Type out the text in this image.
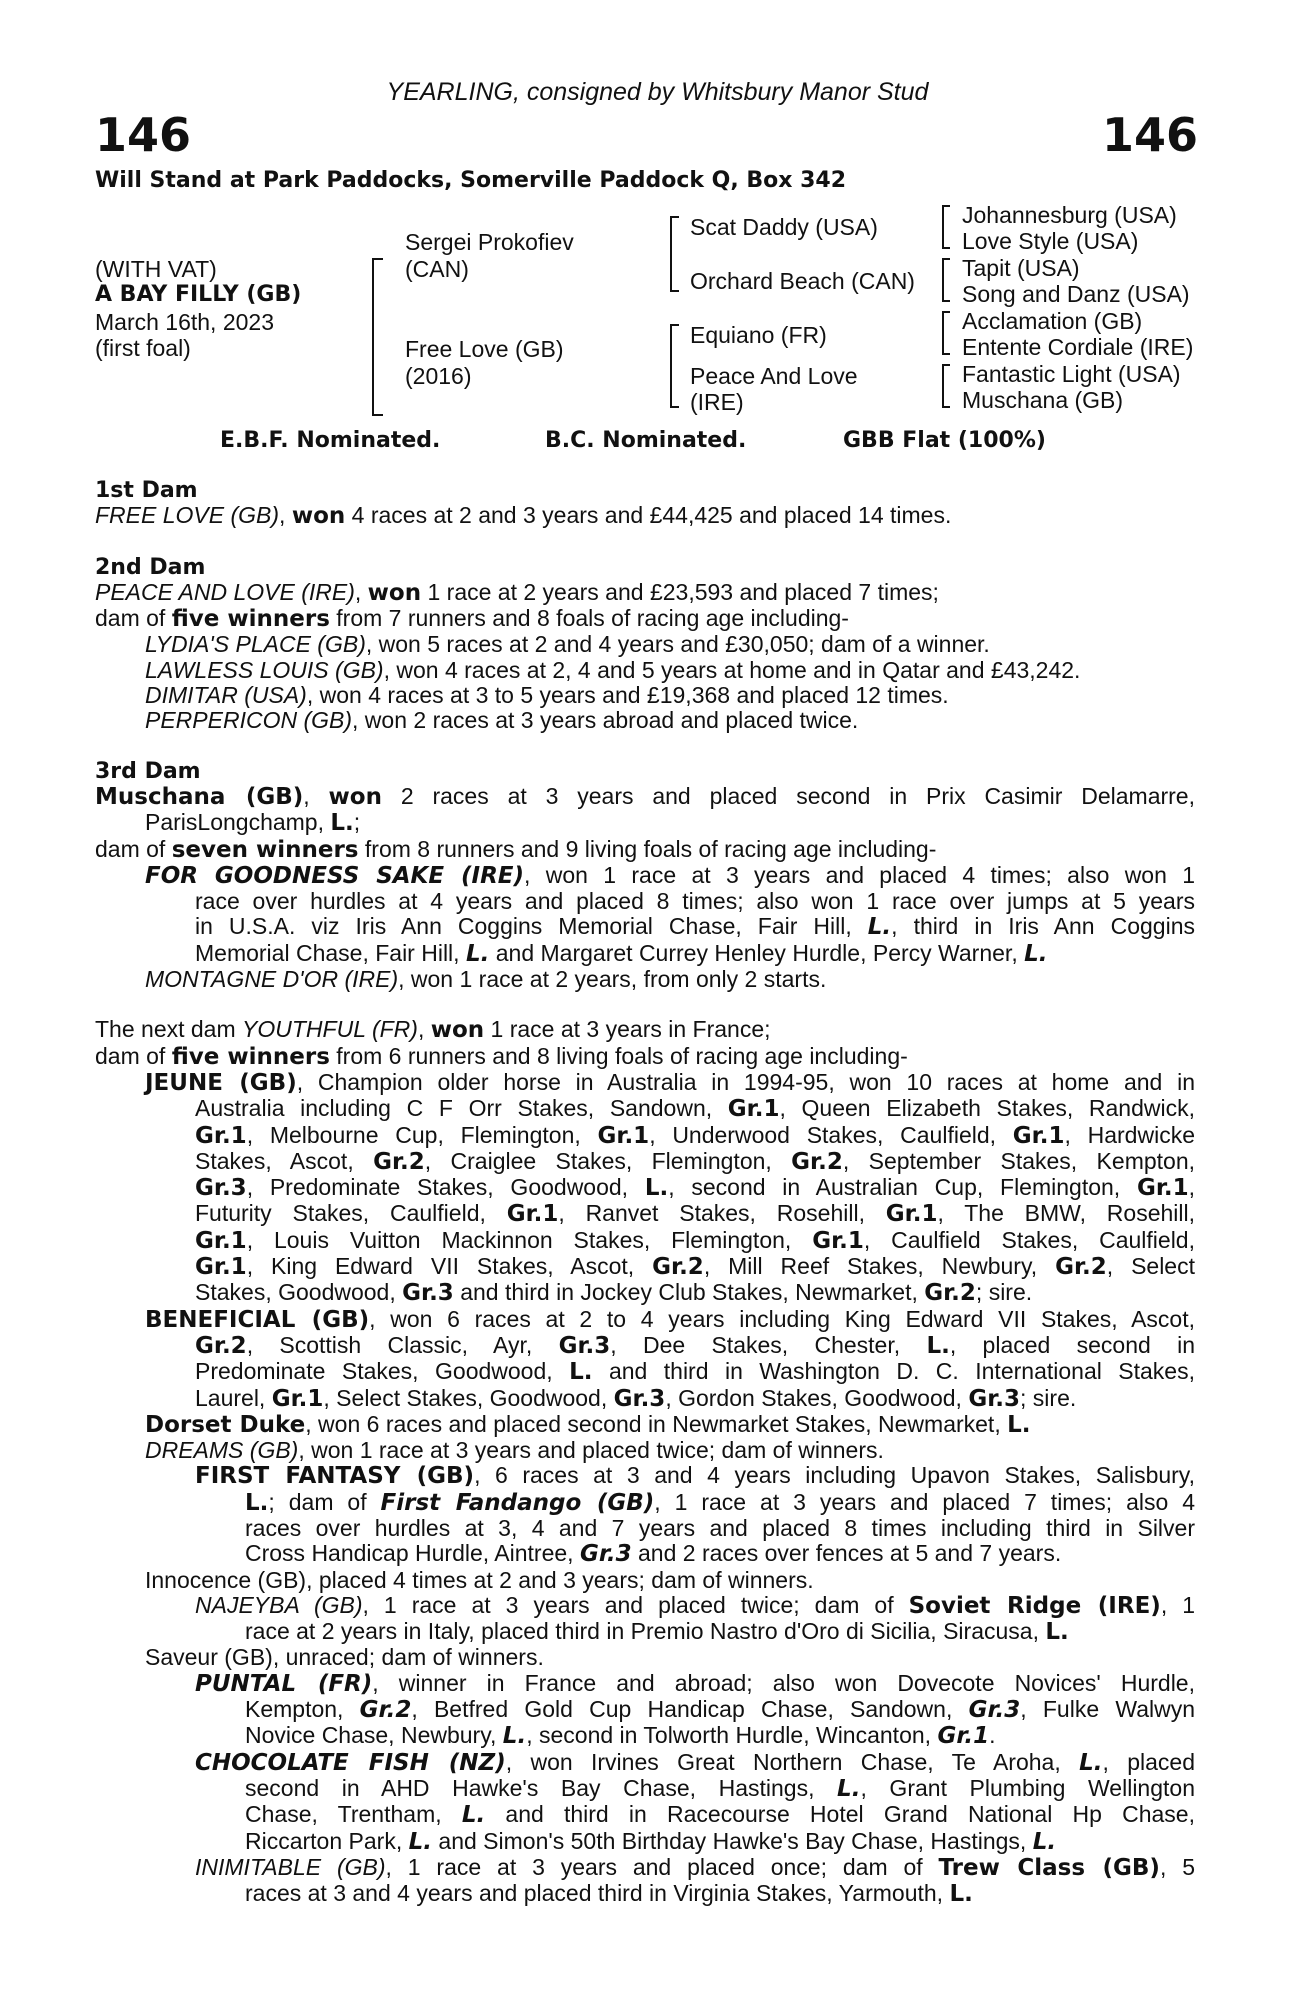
YEARLING, consigned by Whitsbury Manor Stud
146	146
Will Stand at Park Paddocks, Somerville Paddock Q, Box 342
(WITH VAT)
A BAY FILLY (GB)
March 16th, 2023
(first foal)
Sergei Prokofiev
(CAN)
Free Love (GB)
(2016)
Scat Daddy (USA)
Orchard Beach (CAN)
Equiano (FR)
Peace And Love
(IRE)
Johannesburg (USA)
Love Style (USA)
Tapit (USA)
Song and Danz (USA)
Acclamation (GB)
Entente Cordiale (IRE)
Fantastic Light (USA)
Muschana (GB)
E.B.F. Nominated.	B.C. Nominated.	GBB Flat (100%)
1st Dam
FREE LOVE (GB), won 4 races at 2 and 3 years and £44,425 and placed 14 times.
2nd Dam
PEACE AND LOVE (IRE), won 1 race at 2 years and £23,593 and placed 7 times;
dam of five winners from 7 runners and 8 foals of racing age including-
LYDIA'S PLACE (GB), won 5 races at 2 and 4 years and £30,050; dam of a winner.
LAWLESS LOUIS (GB), won 4 races at 2, 4 and 5 years at home and in Qatar and £43,242.
DIMITAR (USA), won 4 races at 3 to 5 years and £19,368 and placed 12 times.
PERPERICON (GB), won 2 races at 3 years abroad and placed twice.
3rd Dam
Muschana (GB), won 2 races at 3 years and placed second in Prix Casimir Delamarre,
ParisLongchamp, L.;
dam of seven winners from 8 runners and 9 living foals of racing age including-
FOR GOODNESS SAKE (IRE), won 1 race at 3 years and placed 4 times; also won 1
race over hurdles at 4 years and placed 8 times; also won 1 race over jumps at 5 years
in U.S.A. viz Iris Ann Coggins Memorial Chase, Fair Hill, L., third in Iris Ann Coggins
Memorial Chase, Fair Hill, L. and Margaret Currey Henley Hurdle, Percy Warner, L.
MONTAGNE D'OR (IRE), won 1 race at 2 years, from only 2 starts.
The next dam YOUTHFUL (FR), won 1 race at 3 years in France;
dam of five winners from 6 runners and 8 living foals of racing age including-
JEUNE (GB), Champion older horse in Australia in 1994-95, won 10 races at home and in
Australia including C F Orr Stakes, Sandown, Gr.1, Queen Elizabeth Stakes, Randwick,
Gr.1, Melbourne Cup, Flemington, Gr.1, Underwood Stakes, Caulfield, Gr.1, Hardwicke
Stakes, Ascot, Gr.2, Craiglee Stakes, Flemington, Gr.2, September Stakes, Kempton,
Gr.3, Predominate Stakes, Goodwood, L., second in Australian Cup, Flemington, Gr.1,
Futurity Stakes, Caulfield, Gr.1, Ranvet Stakes, Rosehill, Gr.1, The BMW, Rosehill,
Gr.1, Louis Vuitton Mackinnon Stakes, Flemington, Gr.1, Caulfield Stakes, Caulfield,
Gr.1, King Edward VII Stakes, Ascot, Gr.2, Mill Reef Stakes, Newbury, Gr.2, Select
Stakes, Goodwood, Gr.3 and third in Jockey Club Stakes, Newmarket, Gr.2; sire.
BENEFICIAL (GB), won 6 races at 2 to 4 years including King Edward VII Stakes, Ascot,
Gr.2, Scottish Classic, Ayr, Gr.3, Dee Stakes, Chester, L., placed second in
Predominate Stakes, Goodwood, L. and third in Washington D. C. International Stakes,
Laurel, Gr.1, Select Stakes, Goodwood, Gr.3, Gordon Stakes, Goodwood, Gr.3; sire.
Dorset Duke, won 6 races and placed second in Newmarket Stakes, Newmarket, L.
DREAMS (GB), won 1 race at 3 years and placed twice; dam of winners.
FIRST FANTASY (GB), 6 races at 3 and 4 years including Upavon Stakes, Salisbury,
L.; dam of First Fandango (GB), 1 race at 3 years and placed 7 times; also 4
races over hurdles at 3, 4 and 7 years and placed 8 times including third in Silver
Cross Handicap Hurdle, Aintree, Gr.3 and 2 races over fences at 5 and 7 years.
Innocence (GB), placed 4 times at 2 and 3 years; dam of winners.
NAJEYBA (GB), 1 race at 3 years and placed twice; dam of Soviet Ridge (IRE), 1
race at 2 years in Italy, placed third in Premio Nastro d'Oro di Sicilia, Siracusa, L.
Saveur (GB), unraced; dam of winners.
PUNTAL (FR), winner in France and abroad; also won Dovecote Novices' Hurdle,
Kempton, Gr.2, Betfred Gold Cup Handicap Chase, Sandown, Gr.3, Fulke Walwyn
Novice Chase, Newbury, L., second in Tolworth Hurdle, Wincanton, Gr.1.
CHOCOLATE FISH (NZ), won Irvines Great Northern Chase, Te Aroha, L., placed
second in AHD Hawke's Bay Chase, Hastings, L., Grant Plumbing Wellington
Chase, Trentham, L. and third in Racecourse Hotel Grand National Hp Chase,
Riccarton Park, L. and Simon's 50th Birthday Hawke's Bay Chase, Hastings, L.
INIMITABLE (GB), 1 race at 3 years and placed once; dam of Trew Class (GB), 5
races at 3 and 4 years and placed third in Virginia Stakes, Yarmouth, L.
